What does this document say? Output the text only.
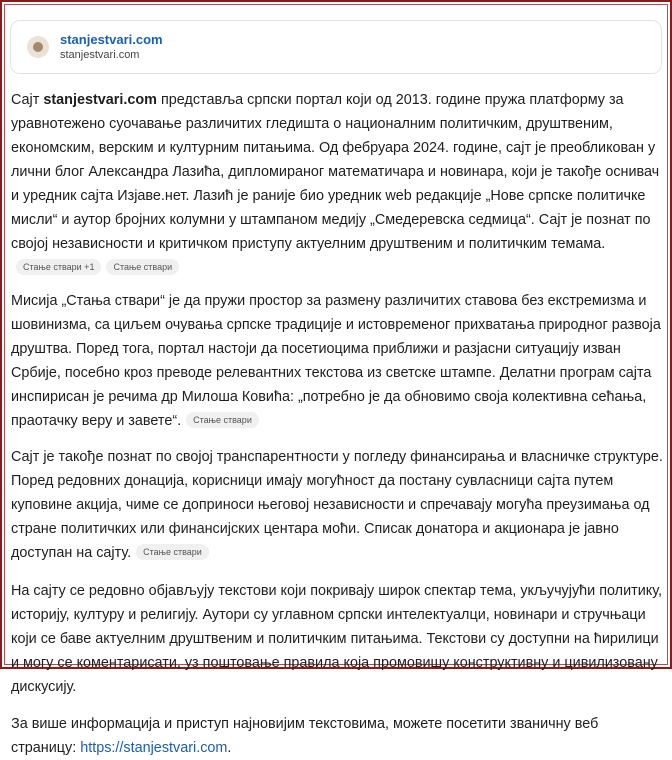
stanjestvari.com
stanjestvari.com

Сајт stanjestvari.com представља српски портал који од 2013. године пружа платформу за уравнотежено суочавање различитих гледишта о националним политичким, друштвеним, економским, верским и културним питањима. Од фебруара 2024. године, сајт је преобликован у лични блог Александра Лазића, дипломираног математичара и новинара, који је такође оснивач и уредник сајта Изјаве.нет. Лазић је раније био уредник web редакције „Нове српске политичке мисли“ и аутор бројних колумни у штампаном медију „Смедеревска седмица“. Сајт је познат по својој независности и критичком приступу актуелним друштвеним и политичким темама.Стање ствари +1 Стање ствари

Мисија „Стања ствари“ је да пружи простор за размену различитих ставова без екстремизма и шовинизма, са циљем очувања српске традиције и истовременог прихватања природног развоја друштва. Поред тога, портал настоји да посетиоцима приближи и разјасни ситуацију изван Србије, посебно кроз преводе релевантних текстова из светске штампе. Делатни програм сајта инспирисан је речима др Милоша Ковића: „потребно је да обновимо своја колективна сећања, праотачку веру и завете“. Стање ствари

Сајт је такође познат по својој транспарентности у погледу финансирања и власничке структуре. Поред редовних донација, корисници имају могућност да постану сувласници сајта путем куповине акција, чиме се доприноси његовој независности и спречавају могућа преузимања од стране политичких или финансијских центара моћи. Списак донатора и акционара је јавно доступан на сајту. Стање ствари

На сајту се редовно објављују текстови који покривају широк спектар тема, укључујући политику, историју, културу и религију. Аутори су углавном српски интелектуалци, новинари и стручњаци који се баве актуелним друштвеним и политичким питањима. Текстови су доступни на ћирилици и могу се коментарисати, уз поштовање правила која промовишу конструктивну и цивилизовану дискусију.

За више информација и приступ најновијим текстовима, можете посетити званичну веб страницу: https://stanjestvari.com.
